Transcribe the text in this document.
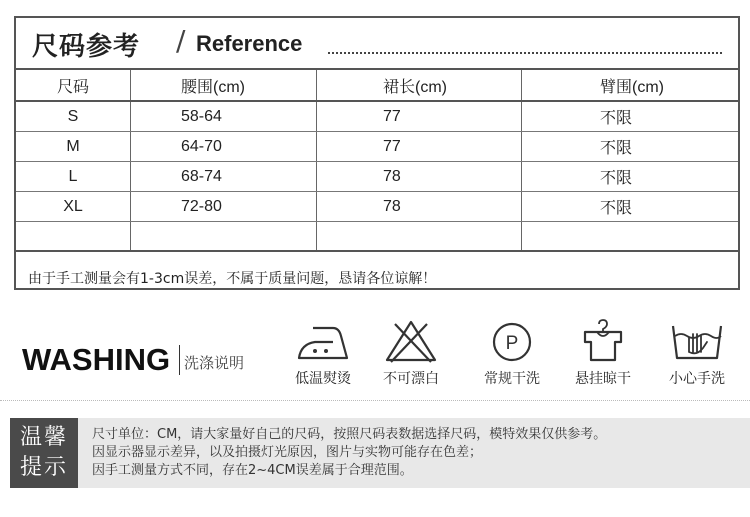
尺码参考 / Reference
尺码	腰围(cm)	裙长(cm)	臂围(cm)
S	58-64	77	不限
M	64-70	77	不限
L	68-74	78	不限
XL	72-80	78	不限

由于手工测量会有1-3cm误差，不属于质量问题，恳请各位谅解！
WASHING 洗涤说明
低温熨烫	不可漂白
P
常规干洗	悬挂晾干	小心手洗
温馨
提示
尺寸单位：CM，请大家量好自己的尺码，按照尺码表数据选择尺码，模特效果仅供参考。
因显示器显示差异，以及拍摄灯光原因，图片与实物可能存在色差；
因手工测量方式不同，存在2~4CM误差属于合理范围。
